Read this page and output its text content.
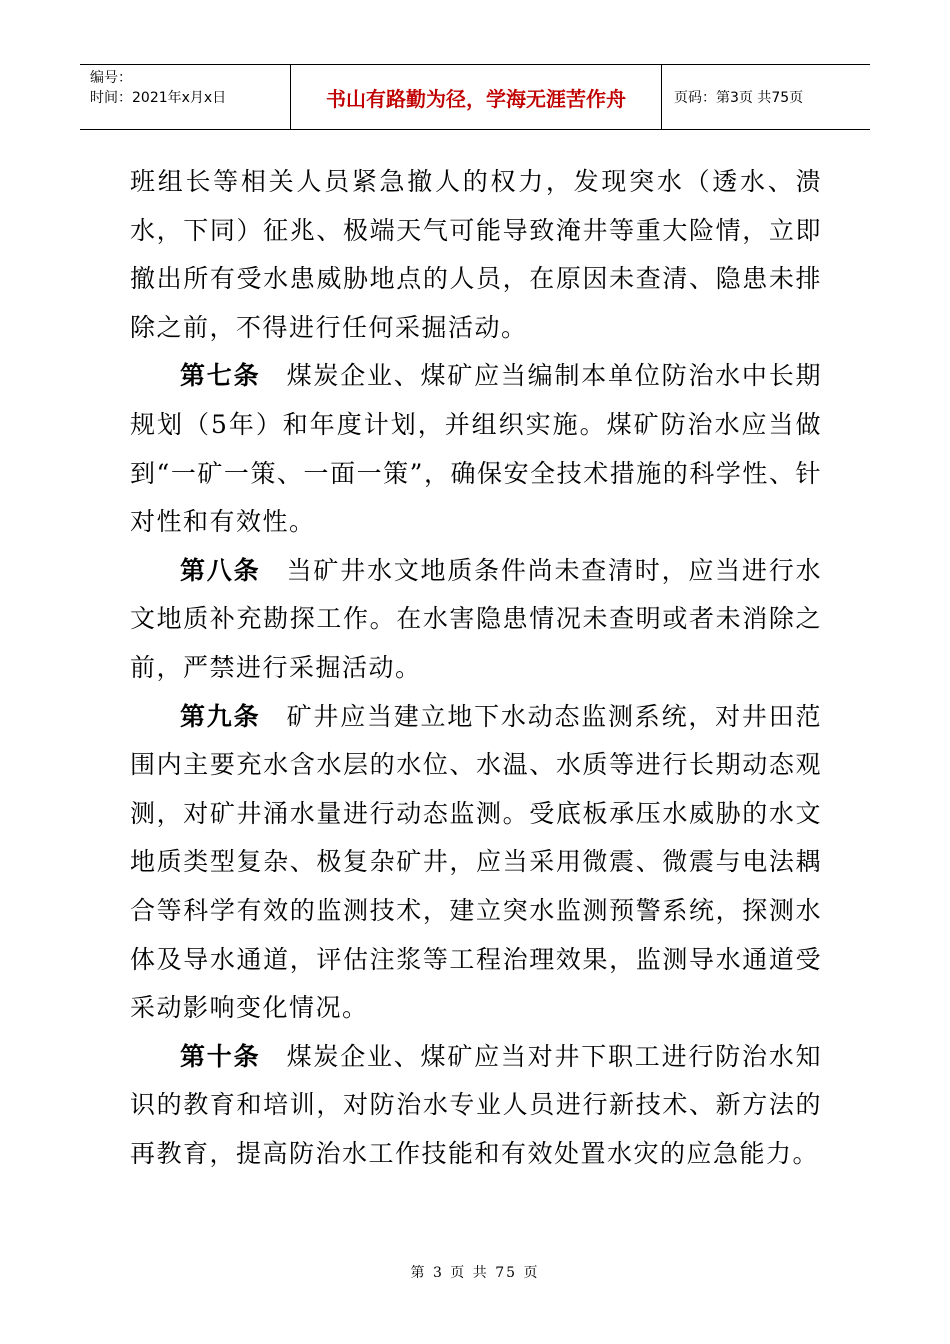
编号：
时间：2021年x月x日	书山有路勤为径，学海无涯苦作舟	页码：第3页 共75页

班组长等相关人员紧急撤人的权力，发现突水（透水、溃水，下同）征兆、极端天气可能导致淹井等重大险情，立即撤出所有受水患威胁地点的人员，在原因未查清、隐患未排除之前，不得进行任何采掘活动。

第七条 煤炭企业、煤矿应当编制本单位防治水中长期规划（5年）和年度计划，并组织实施。煤矿防治水应当做到“一矿一策、一面一策”，确保安全技术措施的科学性、针对性和有效性。

第八条 当矿井水文地质条件尚未查清时，应当进行水文地质补充勘探工作。在水害隐患情况未查明或者未消除之前，严禁进行采掘活动。

第九条 矿井应当建立地下水动态监测系统，对井田范围内主要充水含水层的水位、水温、水质等进行长期动态观测，对矿井涌水量进行动态监测。受底板承压水威胁的水文地质类型复杂、极复杂矿井，应当采用微震、微震与电法耦合等科学有效的监测技术，建立突水监测预警系统，探测水体及导水通道，评估注浆等工程治理效果，监测导水通道受采动影响变化情况。

第十条 煤炭企业、煤矿应当对井下职工进行防治水知识的教育和培训，对防治水专业人员进行新技术、新方法的再教育，提高防治水工作技能和有效处置水灾的应急能力。

第 3 页 共 75 页
